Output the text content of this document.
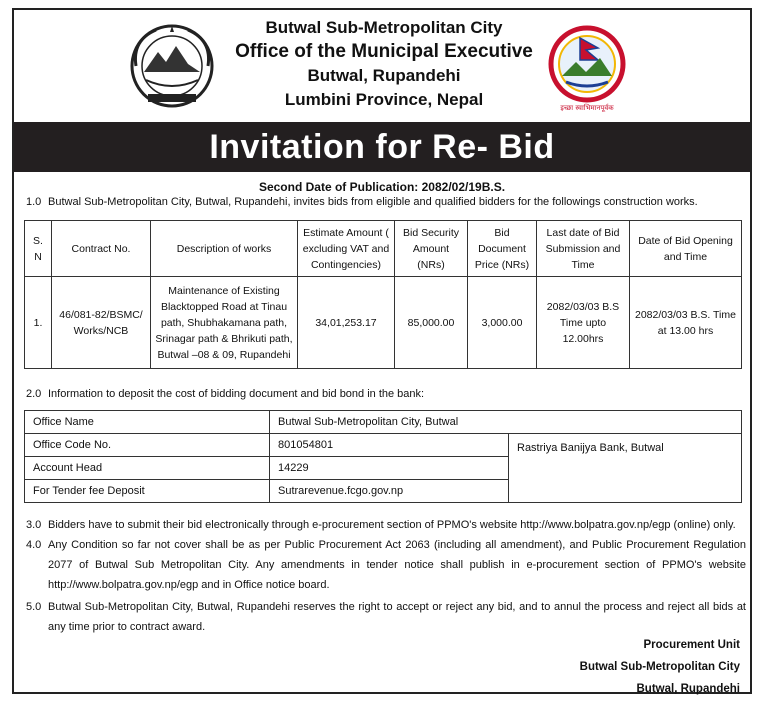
Butwal Sub-Metropolitan City
Office of the Municipal Executive
Butwal, Rupandehi
Lumbini Province, Nepal	इच्छा स्वाभिमानपूर्वक
Invitation for Re- Bid
Second Date of Publication: 2082/02/19B.S.
1.0 Butwal Sub-Metropolitan City, Butwal, Rupandehi, invites bids from eligible and qualified bidders for the followings construction works.
S. N	Contract No.	Description of works	Estimate Amount ( excluding VAT and Contingencies)	Bid Security Amount (NRs)	Bid Document Price (NRs)	Last date of Bid Submission and Time	Date of Bid Opening and Time
1.	46/081-82/BSMC/ Works/NCB	Maintenance of Existing Blacktopped Road at Tinau path, Shubhakamana path, Srinagar path & Bhrikuti path, Butwal –08 & 09, Rupandehi	34,01,253.17	85,000.00	3,000.00	2082/03/03 B.S Time upto 12.00hrs	2082/03/03 B.S. Time at 13.00 hrs
2.0 Information to deposit the cost of bidding document and bid bond in the bank:
Office Name	Butwal Sub-Metropolitan City, Butwal	
Office Code No.	801054801	Rastriya Banijya Bank, Butwal
Account Head	14229	
For Tender fee Deposit	Sutrarevenue.fcgo.gov.np	
3.0 Bidders have to submit their bid electronically through e-procurement section of PPMO's website http://www.bolpatra.gov.np/egp (online) only.
4.0 Any Condition so far not cover shall be as per Public Procurement Act 2063 (including all amendment), and Public Procurement Regulation 2077 of Butwal Sub Metropolitan City. Any amendments in tender notice shall publish in e-procurement section of PPMO's website http://www.bolpatra.gov.np/egp and in Office notice board.
5.0 Butwal Sub-Metropolitan City, Butwal, Rupandehi reserves the right to accept or reject any bid, and to annul the process and reject all bids at any time prior to contract award.
Procurement Unit
Butwal Sub-Metropolitan City
Butwal, Rupandehi
